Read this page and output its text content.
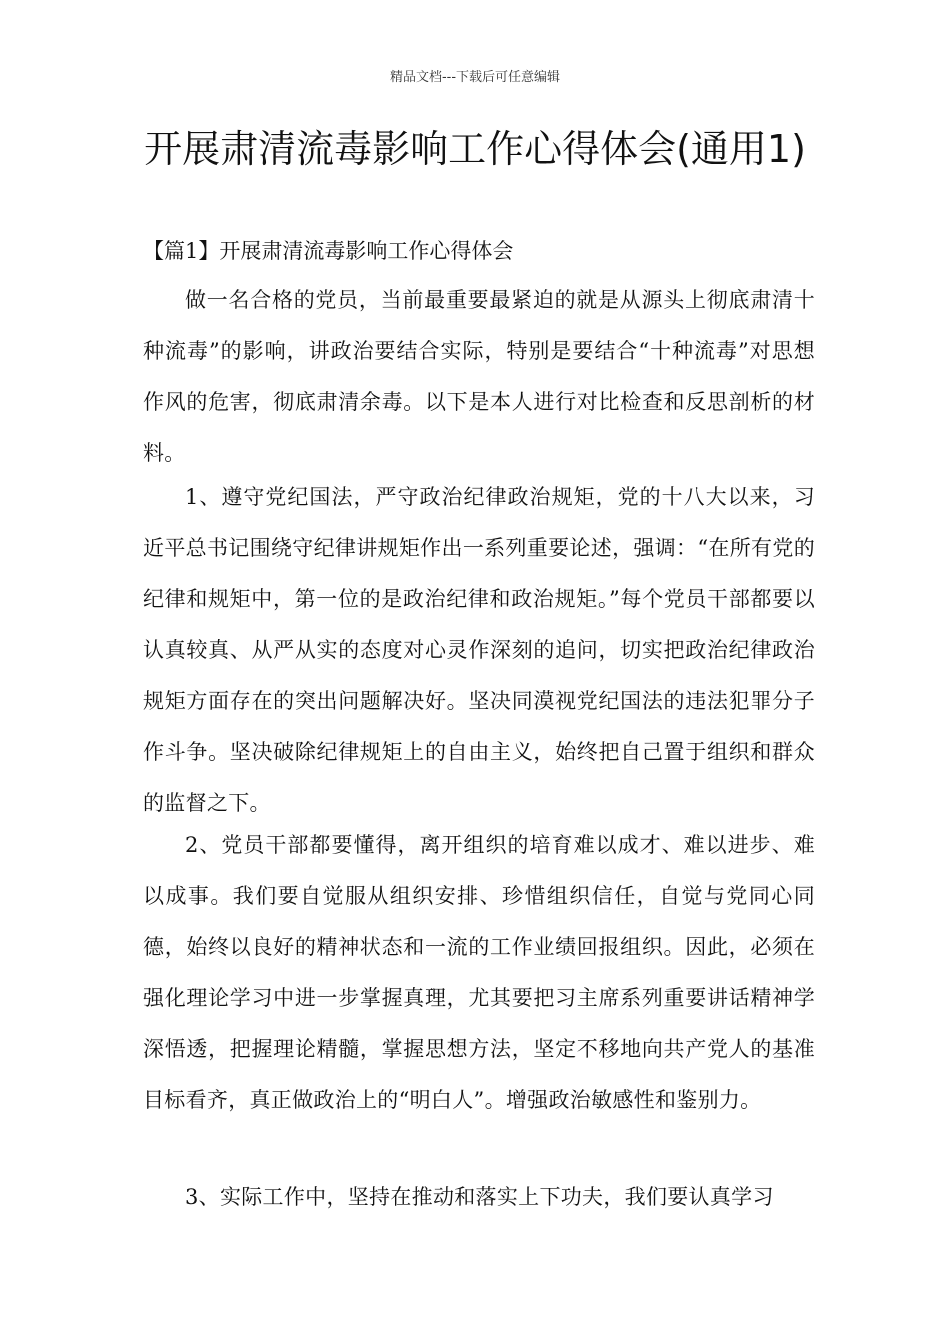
精品文档---下载后可任意编辑
开展肃清流毒影响工作心得体会(通用1)
【篇1】开展肃清流毒影响工作心得体会

做一名合格的党员，当前最重要最紧迫的就是从源头上彻底肃清十种流毒”的影响，讲政治要结合实际，特别是要结合“十种流毒”对思想作风的危害，彻底肃清余毒。以下是本人进行对比检查和反思剖析的材料。

1、遵守党纪国法，严守政治纪律政治规矩，党的十八大以来，习近平总书记围绕守纪律讲规矩作出一系列重要论述，强调：“在所有党的纪律和规矩中，第一位的是政治纪律和政治规矩。”每个党员干部都要以认真较真、从严从实的态度对心灵作深刻的追问，切实把政治纪律政治规矩方面存在的突出问题解决好。坚决同漠视党纪国法的违法犯罪分子作斗争。坚决破除纪律规矩上的自由主义，始终把自己置于组织和群众的监督之下。

2、党员干部都要懂得，离开组织的培育难以成才、难以进步、难以成事。我们要自觉服从组织安排、珍惜组织信任，自觉与党同心同德，始终以良好的精神状态和一流的工作业绩回报组织。因此，必须在强化理论学习中进一步掌握真理，尤其要把习主席系列重要讲话精神学深悟透，把握理论精髓，掌握思想方法，坚定不移地向共产党人的基准目标看齐，真正做政治上的“明白人”。增强政治敏感性和鉴别力。

3、实际工作中，坚持在推动和落实上下功夫，我们要认真学习
